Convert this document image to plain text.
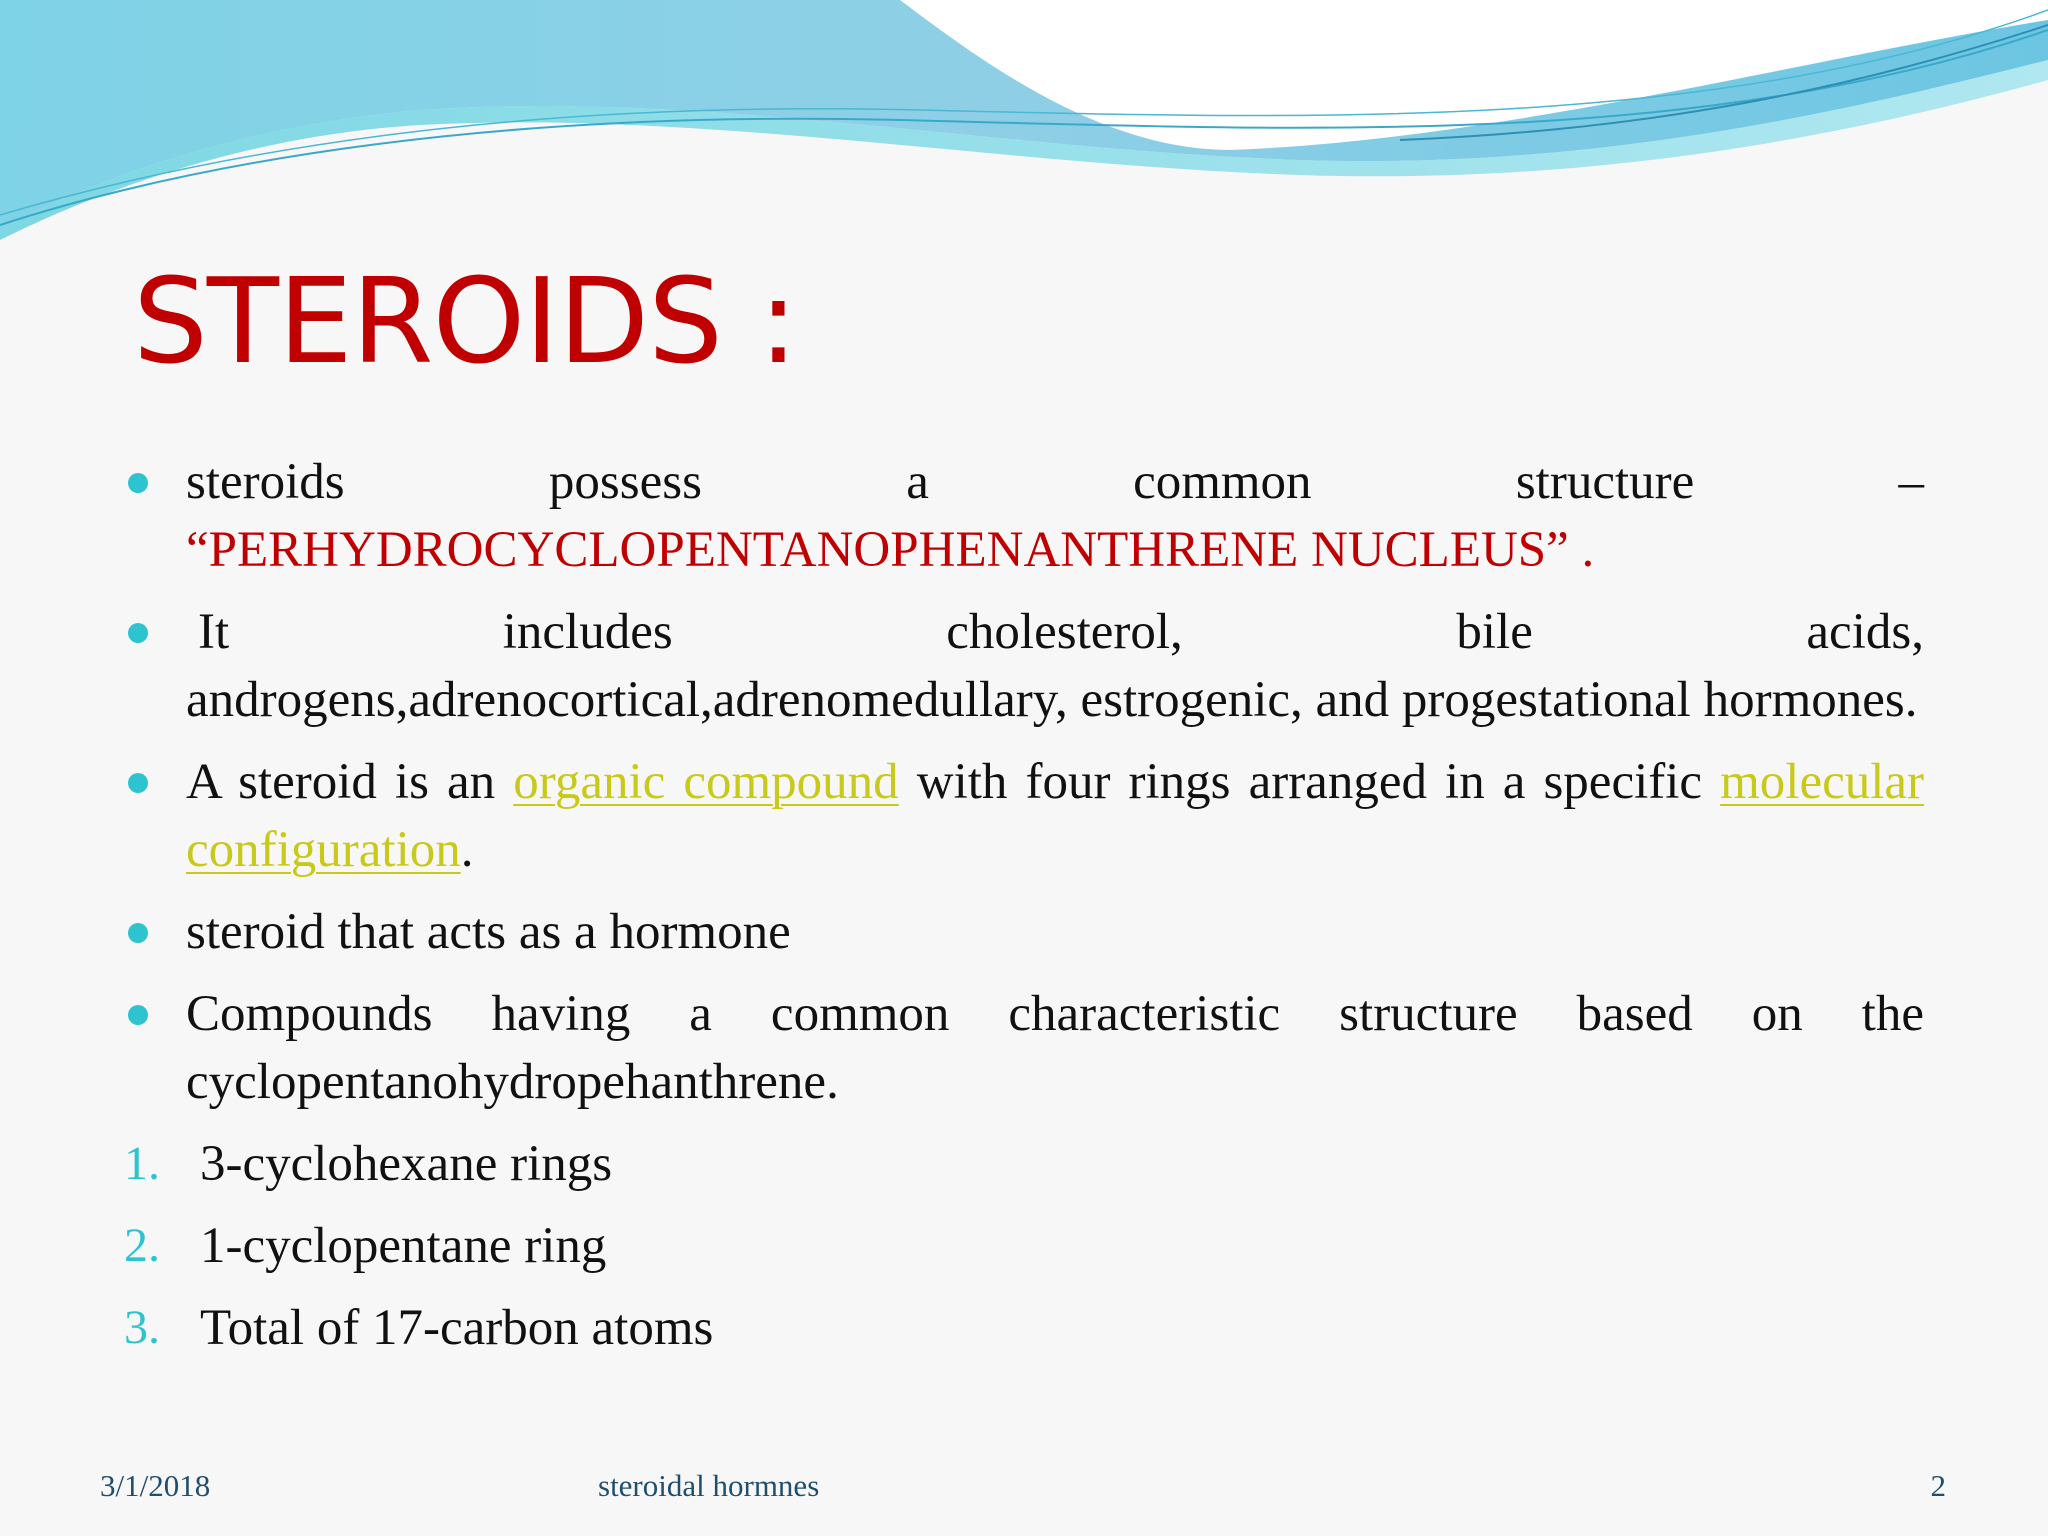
STEROIDS :
steroids	possess	a	common	structure	–
“PERHYDROCYCLOPENTANOPHENANTHRENE NUCLEUS” .
It	includes	cholesterol,	bile	acids,
androgens,adrenocortical,adrenomedullary, estrogenic, and progestational hormones.
A steroid is an organic compound with four rings arranged in a specific molecular configuration.
steroid that acts as a hormone
Compounds having a common characteristic structure based on the cyclopentanohydropehanthrene.
1. 3-cyclohexane rings
2. 1-cyclopentane ring
3. Total of 17-carbon atoms
3/1/2018	steroidal hormnes	2
